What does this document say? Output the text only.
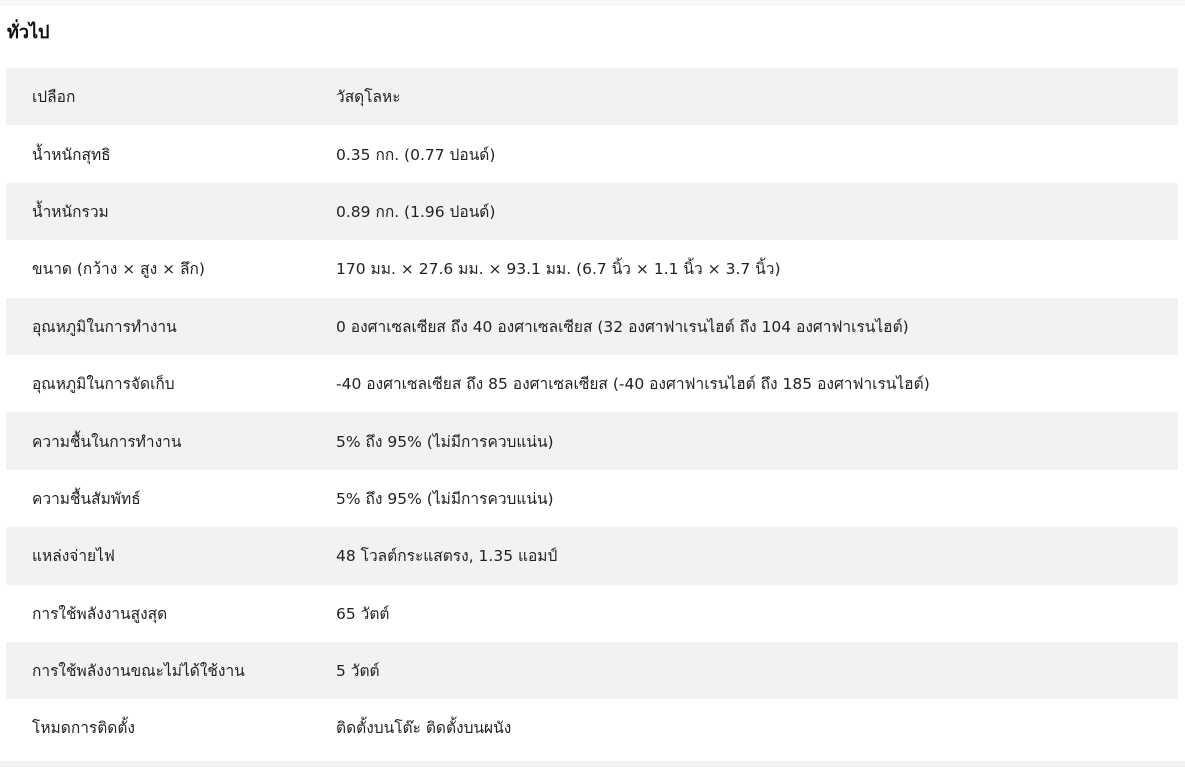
ทั่วไป
เปลือก	วัสดุโลหะ
น้ำหนักสุทธิ	0.35 กก. (0.77 ปอนด์)
น้ำหนักรวม	0.89 กก. (1.96 ปอนด์)
ขนาด (กว้าง × สูง × ลึก)	170 มม. × 27.6 มม. × 93.1 มม. (6.7 นิ้ว × 1.1 นิ้ว × 3.7 นิ้ว)
อุณหภูมิในการทำงาน	0 องศาเซลเซียส ถึง 40 องศาเซลเซียส (32 องศาฟาเรนไฮต์ ถึง 104 องศาฟาเรนไฮต์)
อุณหภูมิในการจัดเก็บ	-40 องศาเซลเซียส ถึง 85 องศาเซลเซียส (-40 องศาฟาเรนไฮต์ ถึง 185 องศาฟาเรนไฮต์)
ความชื้นในการทำงาน	5% ถึง 95% (ไม่มีการควบแน่น)
ความชื้นสัมพัทธ์	5% ถึง 95% (ไม่มีการควบแน่น)
แหล่งจ่ายไฟ	48 โวลต์กระแสตรง, 1.35 แอมป์
การใช้พลังงานสูงสุด	65 วัตต์
การใช้พลังงานขณะไม่ได้ใช้งาน	5 วัตต์
โหมดการติดตั้ง	ติดตั้งบนโต๊ะ ติดตั้งบนผนัง
